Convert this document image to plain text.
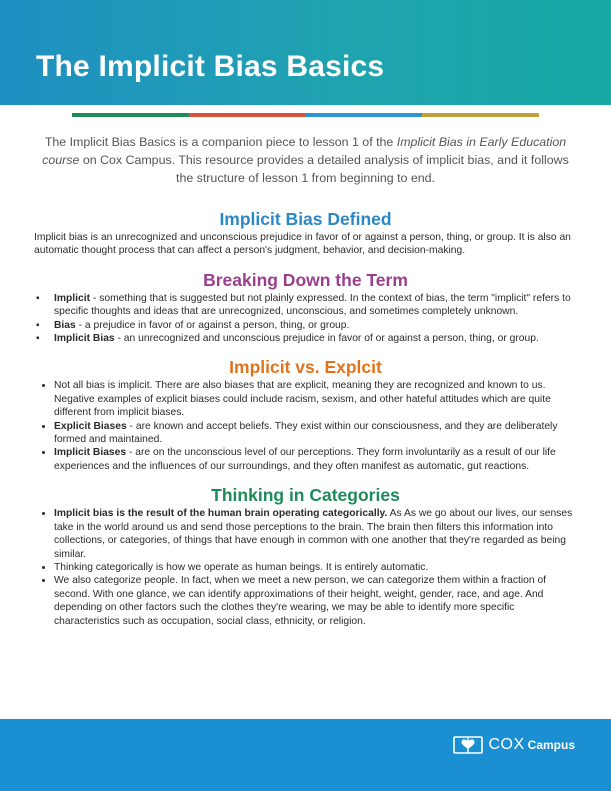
The Implicit Bias Basics

The Implicit Bias Basics is a companion piece to lesson 1 of the Implicit Bias in Early Education course on Cox Campus. This resource provides a detailed analysis of implicit bias, and it follows the structure of lesson 1 from beginning to end.

Implicit Bias Defined

Implicit bias is an unrecognized and unconscious prejudice in favor of or against a person, thing, or group. It is also an automatic thought process that can affect a person's judgment, behavior, and decision-making.

Breaking Down the Term
▪ Implicit - something that is suggested but not plainly expressed. In the context of bias, the term "implicit" refers to specific thoughts and ideas that are unrecognized, unconscious, and sometimes completely unknown.
▪ Bias - a prejudice in favor of or against a person, thing, or group.
▪ Implicit Bias - an unrecognized and unconscious prejudice in favor of or against a person, thing, or group.
Implicit vs. Explcit
• Not all bias is implicit. There are also biases that are explicit, meaning they are recognized and known to us. Negative examples of explicit biases could include racism, sexism, and other hateful attitudes which are quite different from implicit biases.
• Explicit Biases - are known and accept beliefs. They exist within our consciousness, and they are deliberately formed and maintained.
• Implicit Biases - are on the unconscious level of our perceptions. They form involuntarily as a result of our life experiences and the influences of our surroundings, and they often manifest as automatic, gut reactions.
Thinking in Categories
• Implicit bias is the result of the human brain operating categorically. As As we go about our lives, our senses take in the world around us and send those perceptions to the brain. The brain then filters this information into collections, or categories, of things that have enough in common with one another that they're regarded as being similar.
• Thinking categorically is how we operate as human beings. It is entirely automatic.
• We also categorize people. In fact, when we meet a new person, we can categorize them within a fraction of second. With one glance, we can identify approximations of their height, weight, gender, race, and age. And depending on other factors such the clothes they're wearing, we may be able to identify more specific characteristics such as occupation, social class, ethnicity, or religion.
COX Campus
